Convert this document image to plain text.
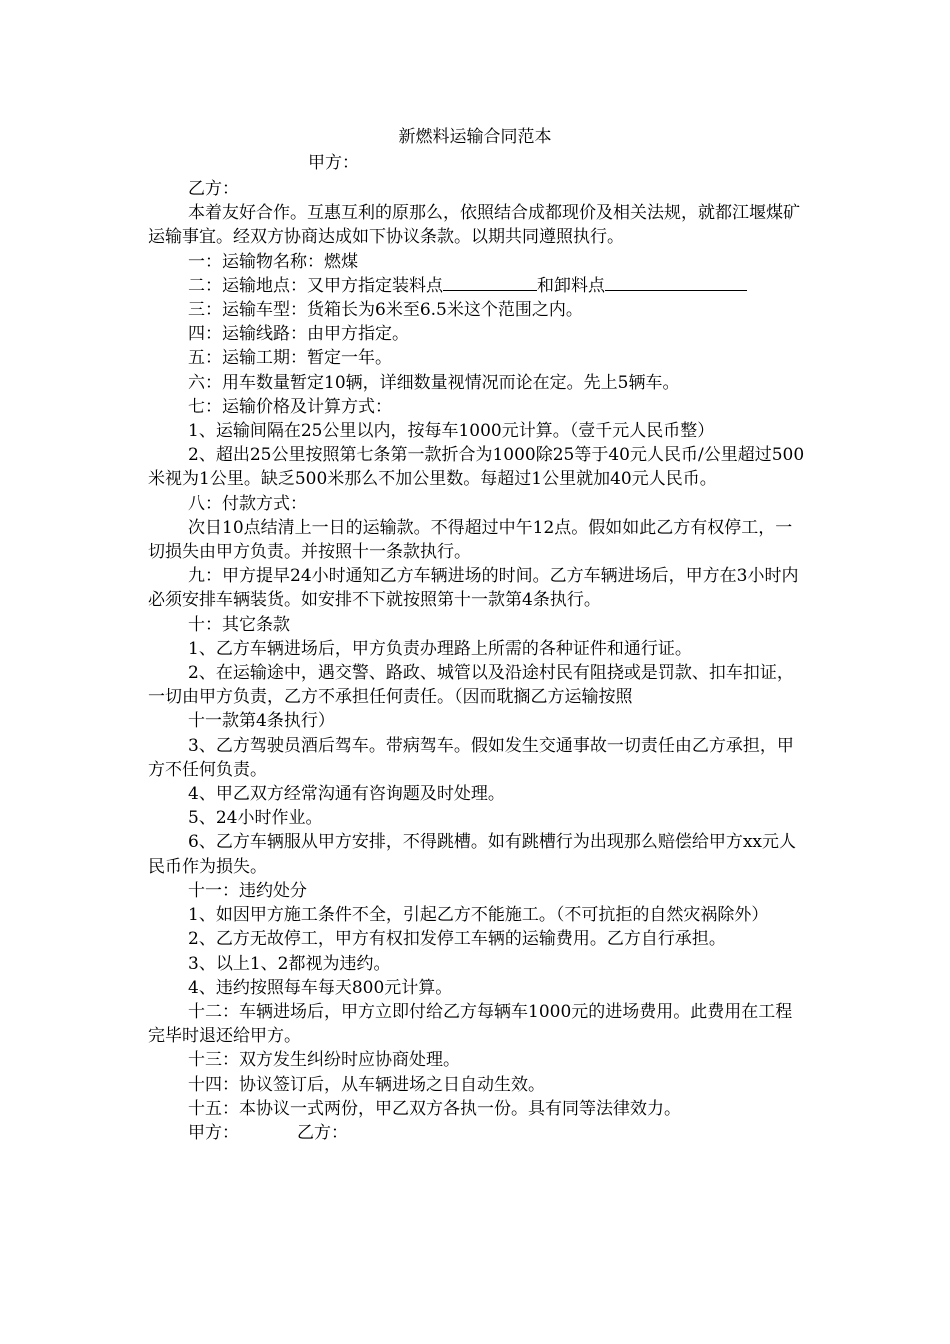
新燃料运输合同范本
甲方：

乙方：

本着友好合作。互惠互利的原那么，依照结合成都现价及相关法规，就都江堰煤矿运输事宜。经双方协商达成如下协议条款。以期共同遵照执行。

一：运输物名称：燃煤

二：运输地点：又甲方指定装料点	和卸料点

三：运输车型：货箱长为6米至6.5米这个范围之内。

四：运输线路：由甲方指定。

五：运输工期：暂定一年。

六：用车数量暂定10辆，详细数量视情况而论在定。先上5辆车。

七：运输价格及计算方式：

1、运输间隔在25公里以内，按每车1000元计算。（壹千元人民币整）

2、超出25公里按照第七条第一款折合为1000除25等于40元人民币/公里超过500米视为1公里。缺乏500米那么不加公里数。每超过1公里就加40元人民币。

八：付款方式：

次日10点结清上一日的运输款。不得超过中午12点。假如如此乙方有权停工，一切损失由甲方负责。并按照十一条款执行。

九：甲方提早24小时通知乙方车辆进场的时间。乙方车辆进场后，甲方在3小时内必须安排车辆装货。如安排不下就按照第十一款第4条执行。

十：其它条款

1、乙方车辆进场后，甲方负责办理路上所需的各种证件和通行证。

2、在运输途中，遇交警、路政、城管以及沿途村民有阻挠或是罚款、扣车扣证，一切由甲方负责，乙方不承担任何责任。（因而耽搁乙方运输按照

十一款第4条执行）

3、乙方驾驶员酒后驾车。带病驾车。假如发生交通事故一切责任由乙方承担，甲方不任何负责。

4、甲乙双方经常沟通有咨询题及时处理。

5、24小时作业。

6、乙方车辆服从甲方安排，不得跳槽。如有跳槽行为出现那么赔偿给甲方xx元人民币作为损失。

十一：违约处分

1、如因甲方施工条件不全，引起乙方不能施工。（不可抗拒的自然灾祸除外）

2、乙方无故停工，甲方有权扣发停工车辆的运输费用。乙方自行承担。

3、以上1、2都视为违约。

4、违约按照每车每天800元计算。

十二：车辆进场后，甲方立即付给乙方每辆车1000元的进场费用。此费用在工程完毕时退还给甲方。

十三：双方发生纠纷时应协商处理。

十四：协议签订后，从车辆进场之日自动生效。

十五：本协议一式两份，甲乙双方各执一份。具有同等法律效力。

甲方：	乙方：
